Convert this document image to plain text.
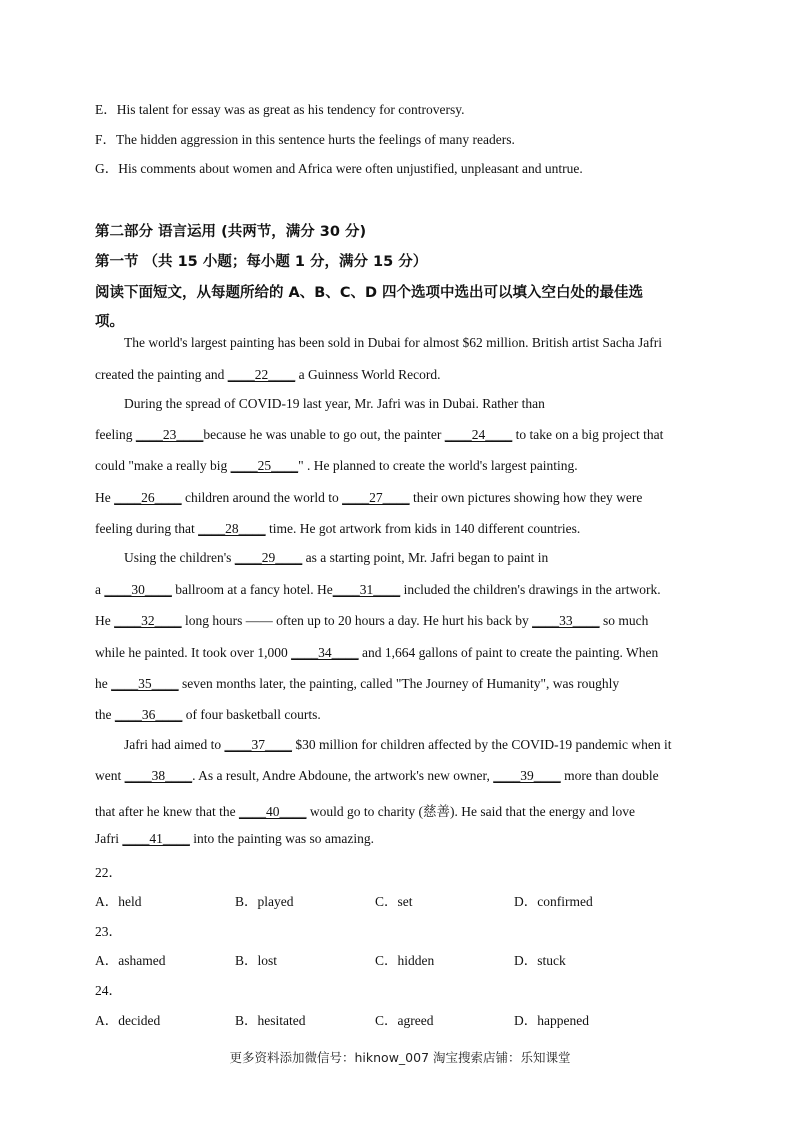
E．His talent for essay was as great as his tendency for controversy.
F．The hidden aggression in this sentence hurts the feelings of many readers.
G．His comments about women and Africa were often unjustified, unpleasant and untrue.
第二部分 语言运用 (共两节，满分 30 分)
第一节 （共 15 小题；每小题 1 分，满分 15 分）
阅读下面短文，从每题所给的 A、B、C、D 四个选项中选出可以填入空白处的最佳选
项。
The world's largest painting has been sold in Dubai for almost $62 million. British artist Sacha Jafri
created the painting and ____22____ a Guinness World Record.
During the spread of COVID-19 last year, Mr. Jafri was in Dubai. Rather than
feeling ____23____because he was unable to go out, the painter ____24____ to take on a big project that
could "make a really big ____25____" . He planned to create the world's largest painting.
He ____26____ children around the world to ____27____ their own pictures showing how they were
feeling during that ____28____ time. He got artwork from kids in 140 different countries.
Using the children's ____29____ as a starting point, Mr. Jafri began to paint in
a ____30____ ballroom at a fancy hotel. He____31____ included the children's drawings in the artwork.
He ____32____ long hours —— often up to 20 hours a day. He hurt his back by ____33____ so much
while he painted. It took over 1,000 ____34____ and 1,664 gallons of paint to create the painting. When
he ____35____ seven months later, the painting, called "The Journey of Humanity", was roughly
the ____36____ of four basketball courts.
Jafri had aimed to ____37____ $30 million for children affected by the COVID-19 pandemic when it
went ____38____. As a result, Andre Abdoune, the artwork's new owner, ____39____ more than double
that after he knew that the ____40____ would go to charity (慈善). He said that the energy and love
Jafri ____41____ into the painting was so amazing.
22．
A．held	B．played	C．set	D．confirmed
23．
A．ashamed	B．lost	C．hidden	D．stuck
24．
A．decided	B．hesitated	C．agreed	D．happened
更多资料添加微信号：hiknow_007 淘宝搜索店铺：乐知课堂
